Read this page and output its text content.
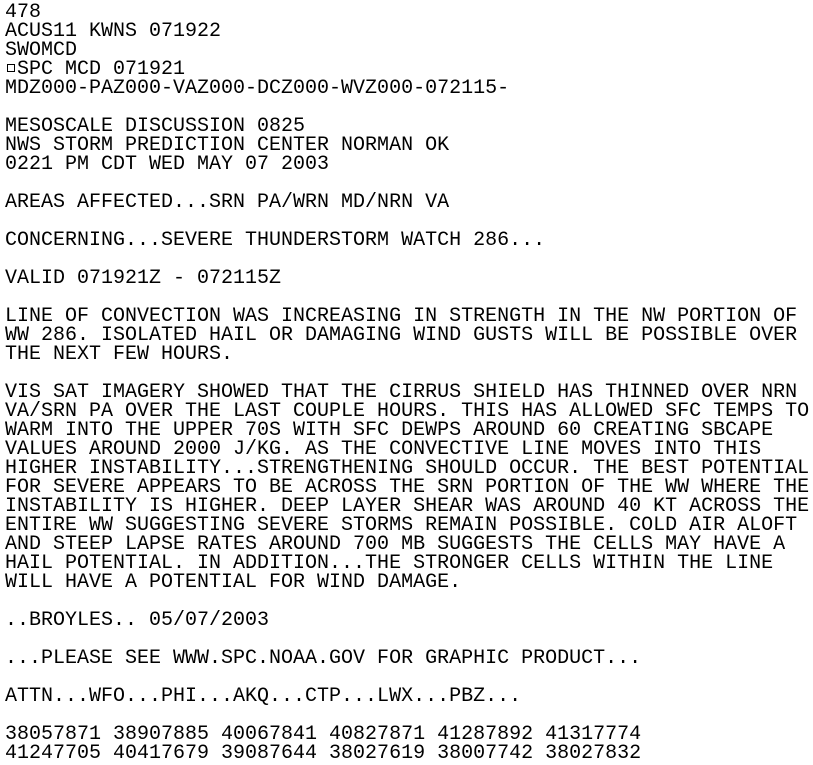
478
ACUS11 KWNS 071922
SWOMCD
SPC MCD 071921
MDZ000-PAZ000-VAZ000-DCZ000-WVZ000-072115-
MESOSCALE DISCUSSION 0825
NWS STORM PREDICTION CENTER NORMAN OK
0221 PM CDT WED MAY 07 2003
AREAS AFFECTED...SRN PA/WRN MD/NRN VA
CONCERNING...SEVERE THUNDERSTORM WATCH 286...
VALID 071921Z - 072115Z
LINE OF CONVECTION WAS INCREASING IN STRENGTH IN THE NW PORTION OF
WW 286. ISOLATED HAIL OR DAMAGING WIND GUSTS WILL BE POSSIBLE OVER
THE NEXT FEW HOURS.
VIS SAT IMAGERY SHOWED THAT THE CIRRUS SHIELD HAS THINNED OVER NRN
VA/SRN PA OVER THE LAST COUPLE HOURS. THIS HAS ALLOWED SFC TEMPS TO
WARM INTO THE UPPER 70S WITH SFC DEWPS AROUND 60 CREATING SBCAPE
VALUES AROUND 2000 J/KG. AS THE CONVECTIVE LINE MOVES INTO THIS
HIGHER INSTABILITY...STRENGTHENING SHOULD OCCUR. THE BEST POTENTIAL
FOR SEVERE APPEARS TO BE ACROSS THE SRN PORTION OF THE WW WHERE THE
INSTABILITY IS HIGHER. DEEP LAYER SHEAR WAS AROUND 40 KT ACROSS THE
ENTIRE WW SUGGESTING SEVERE STORMS REMAIN POSSIBLE. COLD AIR ALOFT
AND STEEP LAPSE RATES AROUND 700 MB SUGGESTS THE CELLS MAY HAVE A
HAIL POTENTIAL. IN ADDITION...THE STRONGER CELLS WITHIN THE LINE
WILL HAVE A POTENTIAL FOR WIND DAMAGE.
..BROYLES.. 05/07/2003
...PLEASE SEE WWW.SPC.NOAA.GOV FOR GRAPHIC PRODUCT...
ATTN...WFO...PHI...AKQ...CTP...LWX...PBZ...
38057871 38907885 40067841 40827871 41287892 41317774
41247705 40417679 39087644 38027619 38007742 38027832
